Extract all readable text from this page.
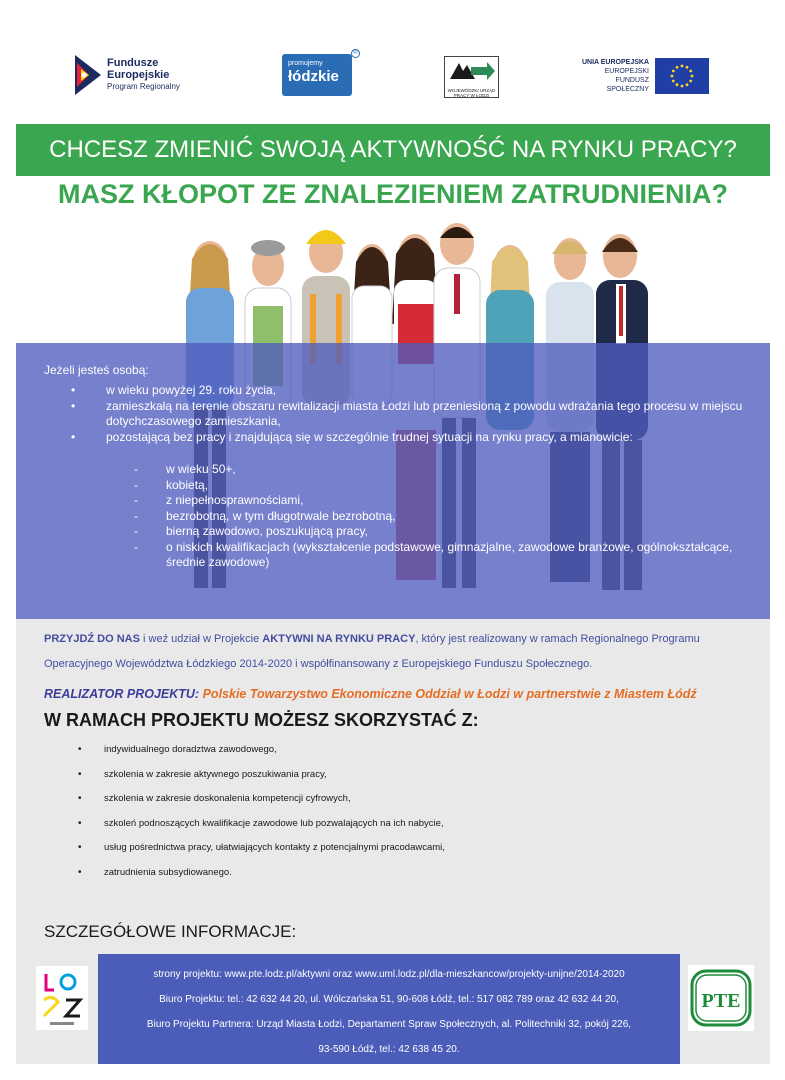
Fundusze
Europejskie
Program Regionalny
promujemy
łódzkie
®
WOJEWÓDZKI URZĄD PRACY W ŁODZI
UNIA EUROPEJSKA
EUROPEJSKI
FUNDUSZ SPOŁECZNY
CHCESZ ZMIENIĆ SWOJĄ AKTYWNOŚĆ NA RYNKU PRACY?
MASZ KŁOPOT ZE ZNALEZIENIEM ZATRUDNIENIA?
Jeżeli jesteś osobą:
• w wieku powyżej 29. roku życia,
• zamieszkałą na terenie obszaru rewitalizacji miasta Łodzi lub przeniesioną z powodu wdrażania tego procesu w miejscu dotychczasowego zamieszkania,
• pozostającą bez pracy i znajdującą się w szczególnie trudnej sytuacji na rynku pracy, a mianowicie:
- w wieku 50+,
- kobietą,
- z niepełnosprawnościami,
- bezrobotną, w tym długotrwale bezrobotną,
- bierną zawodowo, poszukującą pracy,
- o niskich kwalifikacjach (wykształcenie podstawowe, gimnazjalne, zawodowe branżowe, ogólnokształcące, średnie zawodowe)
PRZYJDŹ DO NAS i weź udział w Projekcie AKTYWNI NA RYNKU PRACY, który jest realizowany w ramach Regionalnego Programu Operacyjnego Województwa Łódzkiego 2014-2020 i współfinansowany z Europejskiego Funduszu Społecznego.
REALIZATOR PROJEKTU: Polskie Towarzystwo Ekonomiczne Oddział w Łodzi w partnerstwie z Miastem Łódź
W RAMACH PROJEKTU MOŻESZ SKORZYSTAĆ Z:
• indywidualnego doradztwa zawodowego,
• szkolenia w zakresie aktywnego poszukiwania pracy,
• szkolenia w zakresie doskonalenia kompetencji cyfrowych,
• szkoleń podnoszących kwalifikacje zawodowe lub pozwalających na ich nabycie,
• usług pośrednictwa pracy, ułatwiających kontakty z potencjalnymi pracodawcami,
• zatrudnienia subsydiowanego.
SZCZEGÓŁOWE INFORMACJE:

strony projektu: www.pte.lodz.pl/aktywni oraz www.uml.lodz.pl/dla-mieszkancow/projekty-unijne/2014-2020

Biuro Projektu: tel.: 42 632 44 20, ul. Wólczańska 51, 90-608 Łódź, tel.: 517 082 789 oraz 42 632 44 20,

Biuro Projektu Partnera: Urząd Miasta Łodzi, Departament Spraw Społecznych, al. Politechniki 32, pokój 226,

93-590 Łódź, tel.: 42 638 45 20.

PTE
